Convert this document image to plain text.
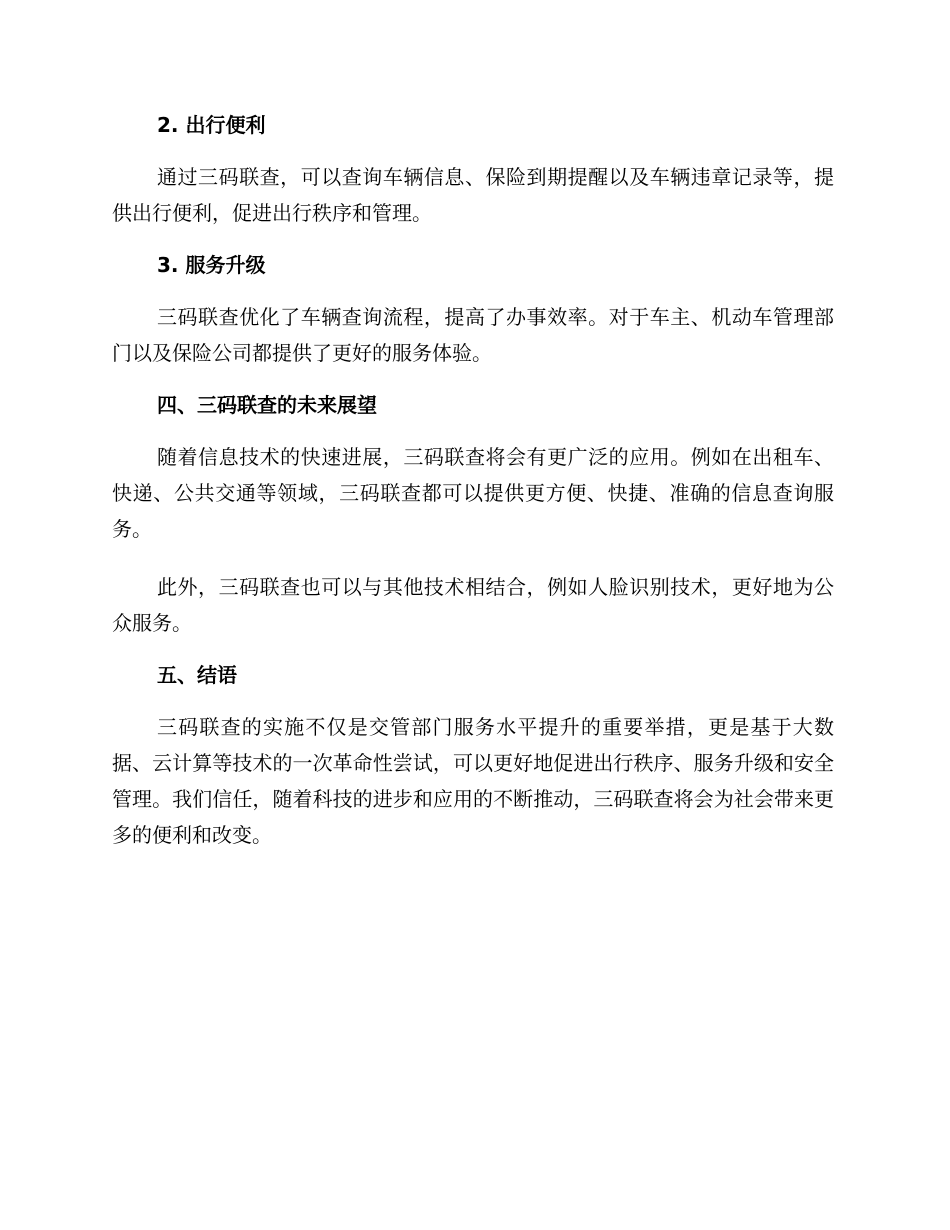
2. 出行便利

通过三码联查，可以查询车辆信息、保险到期提醒以及车辆违章记录等，提供出行便利，促进出行秩序和管理。

3. 服务升级

三码联查优化了车辆查询流程，提高了办事效率。对于车主、机动车管理部门以及保险公司都提供了更好的服务体验。

四、三码联查的未来展望

随着信息技术的快速进展，三码联查将会有更广泛的应用。例如在出租车、快递、公共交通等领域，三码联查都可以提供更方便、快捷、准确的信息查询服务。

此外，三码联查也可以与其他技术相结合，例如人脸识别技术，更好地为公众服务。

五、结语

三码联查的实施不仅是交管部门服务水平提升的重要举措，更是基于大数据、云计算等技术的一次革命性尝试，可以更好地促进出行秩序、服务升级和安全管理。我们信任，随着科技的进步和应用的不断推动，三码联查将会为社会带来更多的便利和改变。
